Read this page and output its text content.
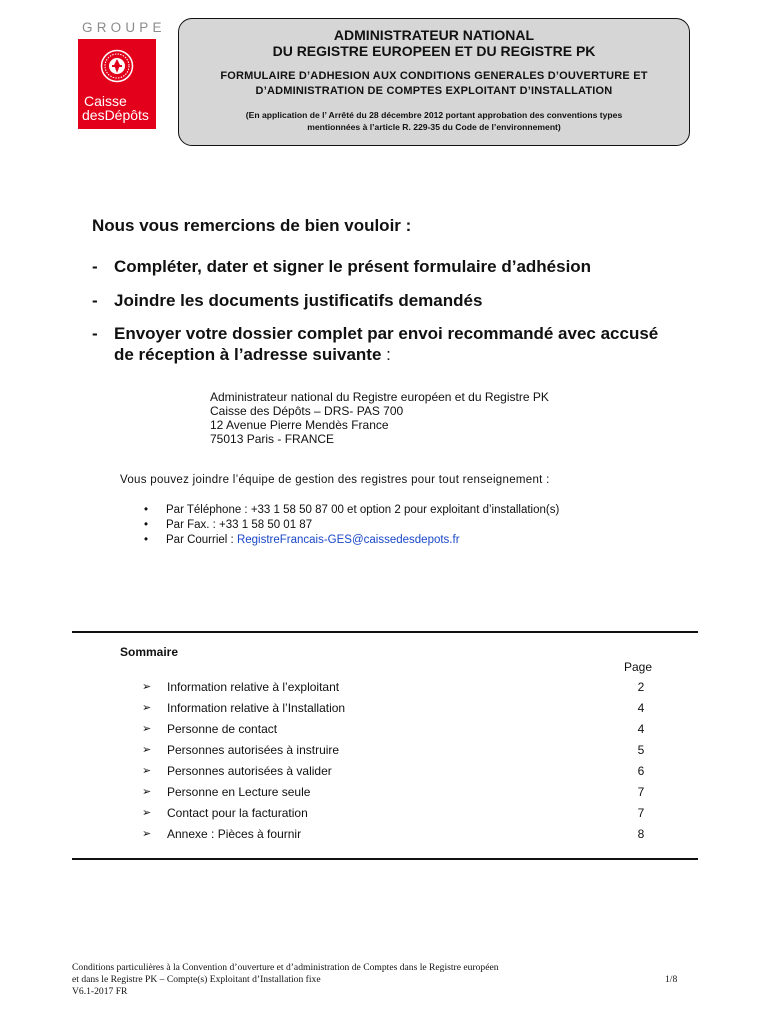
GROUPE
Caisse
desDépôts
ADMINISTRATEUR NATIONAL
DU REGISTRE EUROPEEN ET DU REGISTRE PK
FORMULAIRE D’ADHESION AUX CONDITIONS GENERALES D’OUVERTURE ET
D’ADMINISTRATION DE COMPTES EXPLOITANT D’INSTALLATION
(En application de l’ Arrêté du 28 décembre 2012 portant approbation des conventions types
mentionnées à l’article R. 229-35 du Code de l’environnement)
Nous vous remercions de bien vouloir :
- Compléter, dater et signer le présent formulaire d’adhésion
- Joindre les documents justificatifs demandés
- Envoyer votre dossier complet par envoi recommandé avec accusé
de réception à l’adresse suivante :
Administrateur national du Registre européen et du Registre PK
Caisse des Dépôts – DRS- PAS 700
12 Avenue Pierre Mendès France
75013 Paris - FRANCE
Vous pouvez joindre l’équipe de gestion des registres pour tout renseignement :
• Par Téléphone : +33 1 58 50 87 00 et option 2 pour exploitant d’installation(s)
• Par Fax. : +33 1 58 50 01 87
• Par Courriel : RegistreFrancais-GES@caissedesdepots.fr
Sommaire
Page
➢ Information relative à l’exploitant	2
➢ Information relative à l’Installation	4
➢ Personne de contact	4
➢ Personnes autorisées à instruire	5
➢ Personnes autorisées à valider	6
➢ Personne en Lecture seule	7
➢ Contact pour la facturation	7
➢ Annexe : Pièces à fournir	8
Conditions particulières à la Convention d’ouverture et d’administration de Comptes dans le Registre européen
et dans le Registre PK – Compte(s) Exploitant d’Installation fixe
V6.1-2017 FR
1/8
